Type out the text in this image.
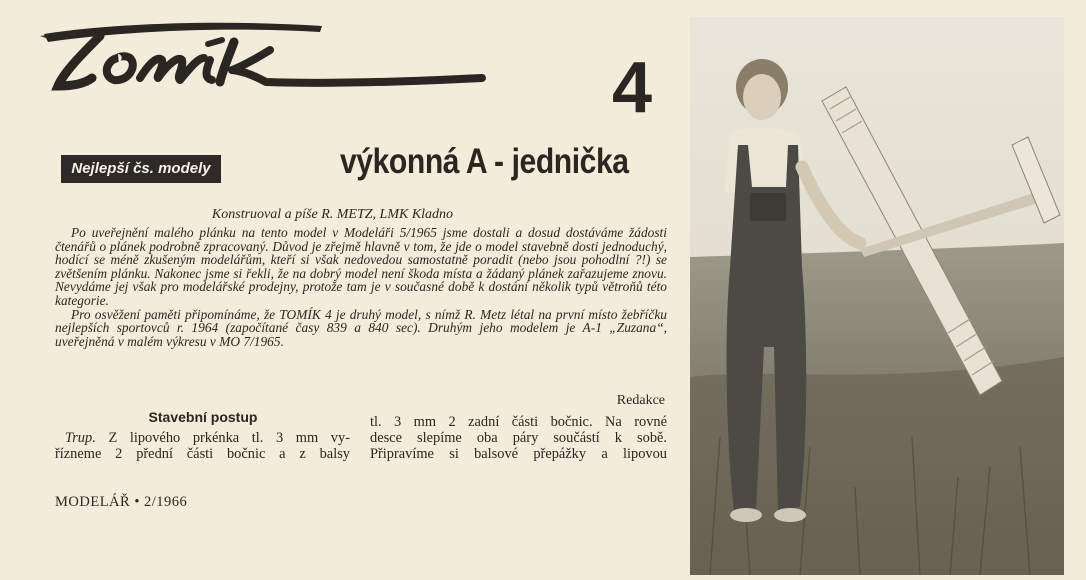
4
Nejlepší čs. modely	výkonná A - jednička
Konstruoval a píše R. METZ, LMK Kladno

Po uveřejnění malého plánku na tento model v Modeláři 5/1965 jsme dostali a dosud dostáváme žádosti čtenářů o plánek podrobně zpracovaný. Důvod je zřejmě hlavně v tom, že jde o model stavebně dosti jednoduchý, hodící se méně zkušeným modelářům, kteří si však nedovedou samostatně poradit (nebo jsou pohodlní ?!) se zvětšením plánku. Nakonec jsme si řekli, že na dobrý model není škoda místa a žádaný plánek zařazujeme znovu. Nevydáme jej však pro modelářské prodejny, protože tam je v současné době k dostání několik typů větroňů této kategorie.

Pro osvěžení paměti připomínáme, že TOMÍK 4 je druhý model, s nímž R. Metz létal na první místo žebříčku nejlepších sportovců r. 1964 (započítané časy 839 a 840 sec). Druhým jeho modelem je A-1 „Zuzana“, uveřejněná v malém výkresu v MO 7/1965.

Redakce
Stavební postup
Trup. Z lipového prkénka tl. 3 mm vy-
řízneme 2 přední části bočnic a z balsy
tl. 3 mm 2 zadní části bočnic. Na rovné
desce slepíme oba páry součástí k sobě.
Připravíme si balsové přepážky a lipovou
MODELÁŘ • 2/1966
